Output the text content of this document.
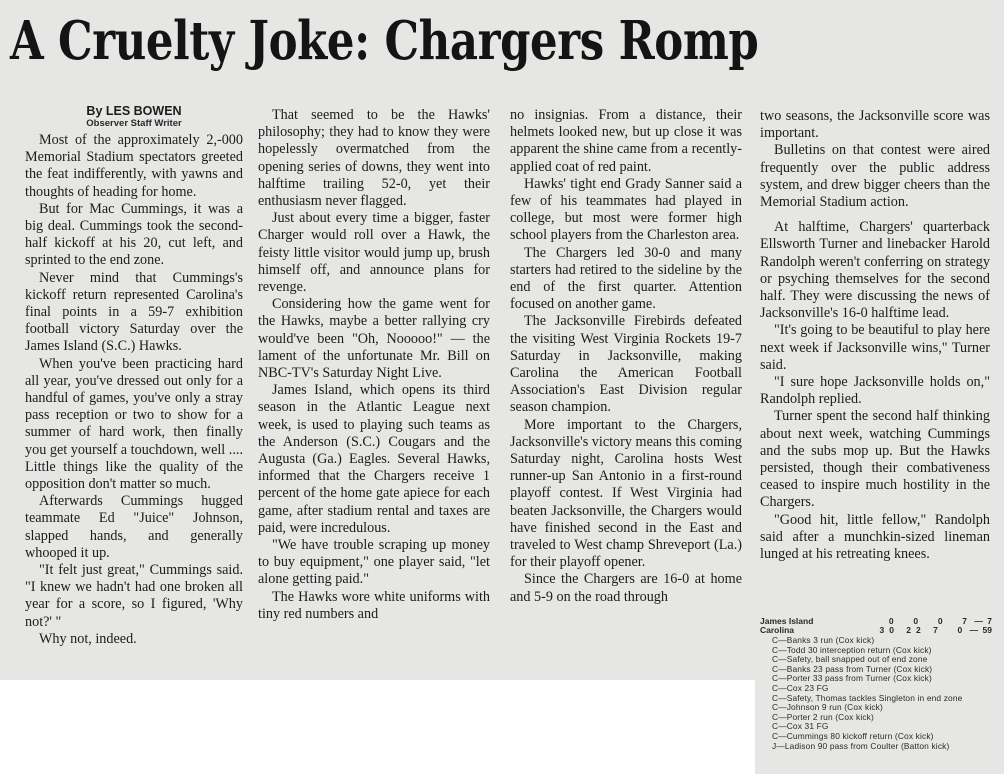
A Cruelty Joke: Chargers Romp
By LES BOWEN
Observer Staff Writer

Most of the approximately 2,-000 Memorial Stadium spectators greeted the feat indifferently, with yawns and thoughts of heading for home.

But for Mac Cummings, it was a big deal. Cummings took the second-half kickoff at his 20, cut left, and sprinted to the end zone.

Never mind that Cummings's kickoff return represented Carolina's final points in a 59-7 exhibition football victory Saturday over the James Island (S.C.) Hawks.

When you've been practicing hard all year, you've dressed out only for a handful of games, you've only a stray pass reception or two to show for a summer of hard work, then finally you get yourself a touchdown, well .... Little things like the quality of the opposition don't matter so much.

Afterwards Cummings hugged teammate Ed "Juice" Johnson, slapped hands, and generally whooped it up.

"It felt just great," Cummings said. "I knew we hadn't had one broken all year for a score, so I figured, 'Why not?' "

Why not, indeed.

That seemed to be the Hawks' philosophy; they had to know they were hopelessly overmatched from the opening series of downs, they went into halftime trailing 52-0, yet their enthusiasm never flagged.

Just about every time a bigger, faster Charger would roll over a Hawk, the feisty little visitor would jump up, brush himself off, and announce plans for revenge.

Considering how the game went for the Hawks, maybe a better rallying cry would've been "Oh, Nooooo!" — the lament of the unfortunate Mr. Bill on NBC-TV's Saturday Night Live.

James Island, which opens its third season in the Atlantic League next week, is used to playing such teams as the Anderson (S.C.) Cougars and the Augusta (Ga.) Eagles. Several Hawks, informed that the Chargers receive 1 percent of the home gate apiece for each game, after stadium rental and taxes are paid, were incredulous.

"We have trouble scraping up money to buy equipment," one player said, "let alone getting paid."

The Hawks wore white uniforms with tiny red numbers and

no insignias. From a distance, their helmets looked new, but up close it was apparent the shine came from a recently-applied coat of red paint.

Hawks' tight end Grady Sanner said a few of his teammates had played in college, but most were former high school players from the Charleston area.

The Chargers led 30-0 and many starters had retired to the sideline by the end of the first quarter. Attention focused on another game.

The Jacksonville Firebirds defeated the visiting West Virginia Rockets 19-7 Saturday in Jacksonville, making Carolina the American Football Association's East Division regular season champion.

More important to the Chargers, Jacksonville's victory means this coming Saturday night, Carolina hosts West runner-up San Antonio in a first-round playoff contest. If West Virginia had beaten Jacksonville, the Chargers would have finished second in the East and traveled to West champ Shreveport (La.) for their playoff opener.

Since the Chargers are 16-0 at home and 5-9 on the road through

two seasons, the Jacksonville score was important.

Bulletins on that contest were aired frequently over the public address system, and drew bigger cheers than the Memorial Stadium action.

At halftime, Chargers' quarterback Ellsworth Turner and linebacker Harold Randolph weren't conferring on strategy or psyching themselves for the second half. They were discussing the news of Jacksonville's 16-0 halftime lead.

"It's going to be beautiful to play here next week if Jacksonville wins," Turner said.

"I sure hope Jacksonville holds on," Randolph replied.

Turner spent the second half thinking about next week, watching Cummings and the subs mop up. But the Hawks persisted, though their combativeness ceased to inspire much hostility in the Chargers.

"Good hit, little fellow," Randolph said after a munchkin-sized lineman lunged at his retreating knees.

James Island	0  0  0  7 — 7
Carolina	30 22 7  0 — 59
C—Banks 3 run (Cox kick)
C—Todd 30 interception return (Cox kick)
C—Safety, ball snapped out of end zone
C—Banks 23 pass from Turner (Cox kick)
C—Porter 33 pass from Turner (Cox kick)
C—Cox 23 FG
C—Safety, Thomas tackles Singleton in end zone
C—Johnson 9 run (Cox kick)
C—Porter 2 run (Cox kick)
C—Cox 31 FG
C—Cummings 80 kickoff return (Cox kick)
J—Ladison 90 pass from Coulter (Batton kick)
